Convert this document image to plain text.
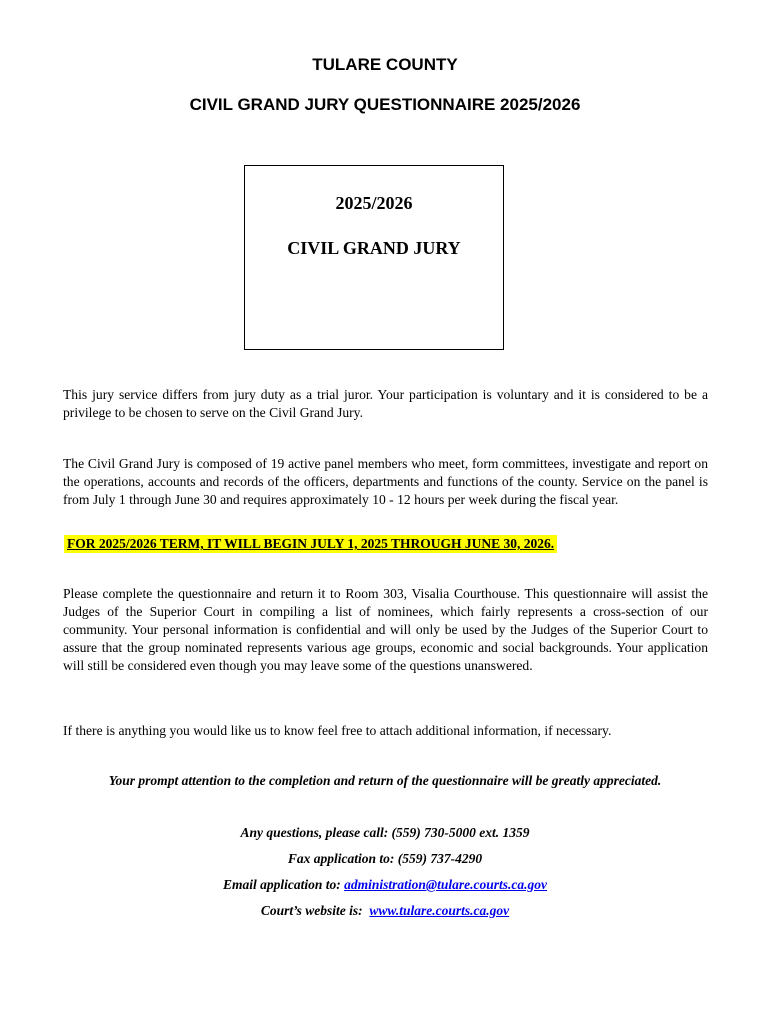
TULARE COUNTY
CIVIL GRAND JURY QUESTIONNAIRE 2025/2026
2025/2026
CIVIL GRAND JURY
This jury service differs from jury duty as a trial juror. Your participation is voluntary and it is considered to be a privilege to be chosen to serve on the Civil Grand Jury.
The Civil Grand Jury is composed of 19 active panel members who meet, form committees, investigate and report on the operations, accounts and records of the officers, departments and functions of the county. Service on the panel is from July 1 through June 30 and requires approximately 10 - 12 hours per week during the fiscal year.
FOR 2025/2026 TERM, IT WILL BEGIN JULY 1, 2025 THROUGH JUNE 30, 2026.
Please complete the questionnaire and return it to Room 303, Visalia Courthouse. This questionnaire will assist the Judges of the Superior Court in compiling a list of nominees, which fairly represents a cross-section of our community. Your personal information is confidential and will only be used by the Judges of the Superior Court to assure that the group nominated represents various age groups, economic and social backgrounds. Your application will still be considered even though you may leave some of the questions unanswered.
If there is anything you would like us to know feel free to attach additional information, if necessary.
Your prompt attention to the completion and return of the questionnaire will be greatly appreciated.
Any questions, please call: (559) 730-5000 ext. 1359
Fax application to: (559) 737-4290
Email application to: administration@tulare.courts.ca.gov
Court’s website is:  www.tulare.courts.ca.gov
